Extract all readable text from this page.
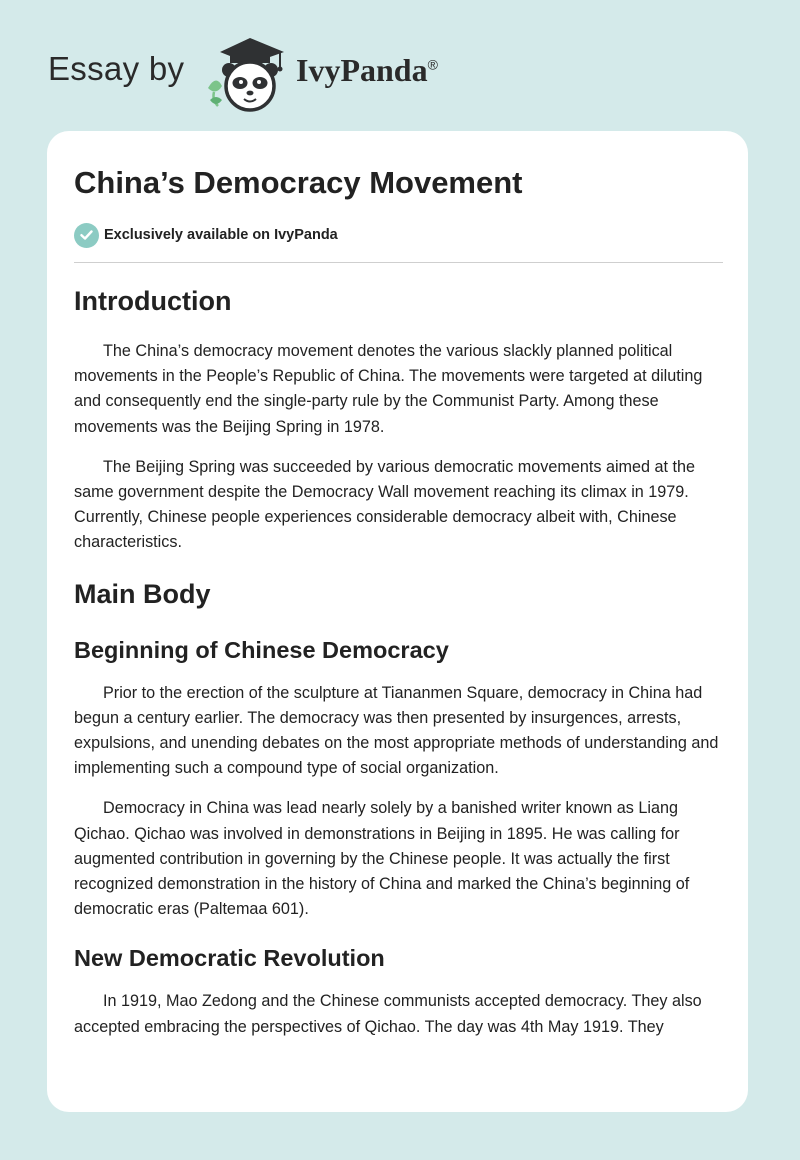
Essay by	IvyPanda®
China’s Democracy Movement
Exclusively available on IvyPanda
Introduction

The China’s democracy movement denotes the various slackly planned political movements in the People’s Republic of China. The movements were targeted at diluting and consequently end the single-party rule by the Communist Party. Among these movements was the Beijing Spring in 1978.

The Beijing Spring was succeeded by various democratic movements aimed at the same government despite the Democracy Wall movement reaching its climax in 1979. Currently, Chinese people experiences considerable democracy albeit with, Chinese characteristics.

Main Body
Beginning of Chinese Democracy

Prior to the erection of the sculpture at Tiananmen Square, democracy in China had begun a century earlier. The democracy was then presented by insurgences, arrests, expulsions, and unending debates on the most appropriate methods of understanding and implementing such a compound type of social organization.

Democracy in China was lead nearly solely by a banished writer known as Liang Qichao. Qichao was involved in demonstrations in Beijing in 1895. He was calling for augmented contribution in governing by the Chinese people. It was actually the first recognized demonstration in the history of China and marked the China’s beginning of democratic eras (Paltemaa 601).

New Democratic Revolution

In 1919, Mao Zedong and the Chinese communists accepted democracy. They also accepted embracing the perspectives of Qichao. The day was 4th May 1919. They
